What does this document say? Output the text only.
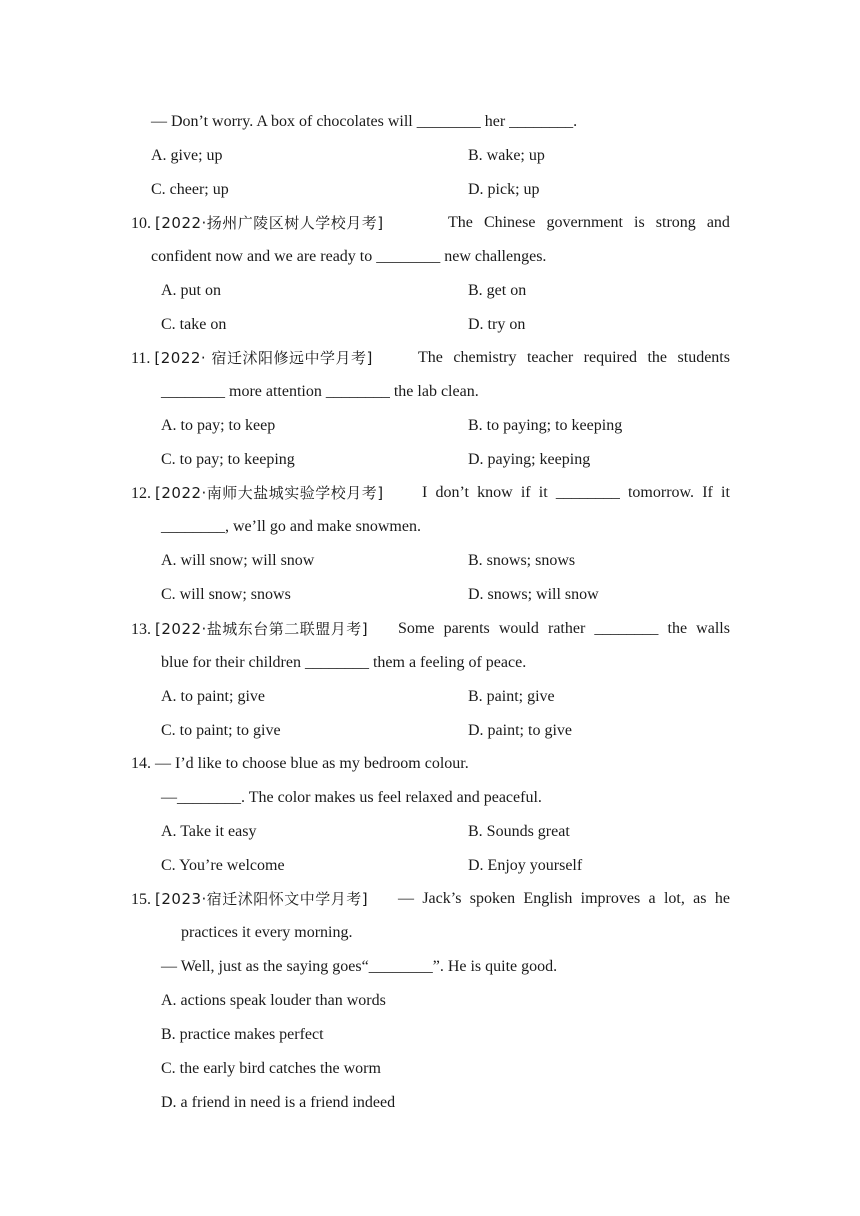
— Don’t worry. A box of chocolates will ________ her ________.
A. give; up	B. wake; up
C. cheer; up	D. pick; up
10. [2022·扬州广陵区树人学校月考]	The Chinese government is strong and
confident now and we are ready to ________ new challenges.
A. put on	B. get on
C. take on	D. try on
11. [2022· 宿迁沭阳修远中学月考]	The chemistry teacher required the students
________ more attention ________ the lab clean.
A. to pay; to keep	B. to paying; to keeping
C. to pay; to keeping	D. paying; keeping
12. [2022·南师大盐城实验学校月考] I don’t know if it ________ tomorrow. If it
________, we’ll go and make snowmen.
A. will snow; will snow	B. snows; snows
C. will snow; snows	D. snows; will snow
13. [2022·盐城东台第二联盟月考] Some parents would rather ________ the walls
blue for their children ________ them a feeling of peace.
A. to paint; give	B. paint; give
C. to paint; to give	D. paint; to give
14. — I’d like to choose blue as my bedroom colour.
—________. The color makes us feel relaxed and peaceful.
A. Take it easy	B. Sounds great
C. You’re welcome	D. Enjoy yourself
15. [2023·宿迁沭阳怀文中学月考] — Jack’s spoken English improves a lot, as he
practices it every morning.
— Well, just as the saying goes“________”. He is quite good.
A. actions speak louder than words
B. practice makes perfect
C. the early bird catches the worm
D. a friend in need is a friend indeed
